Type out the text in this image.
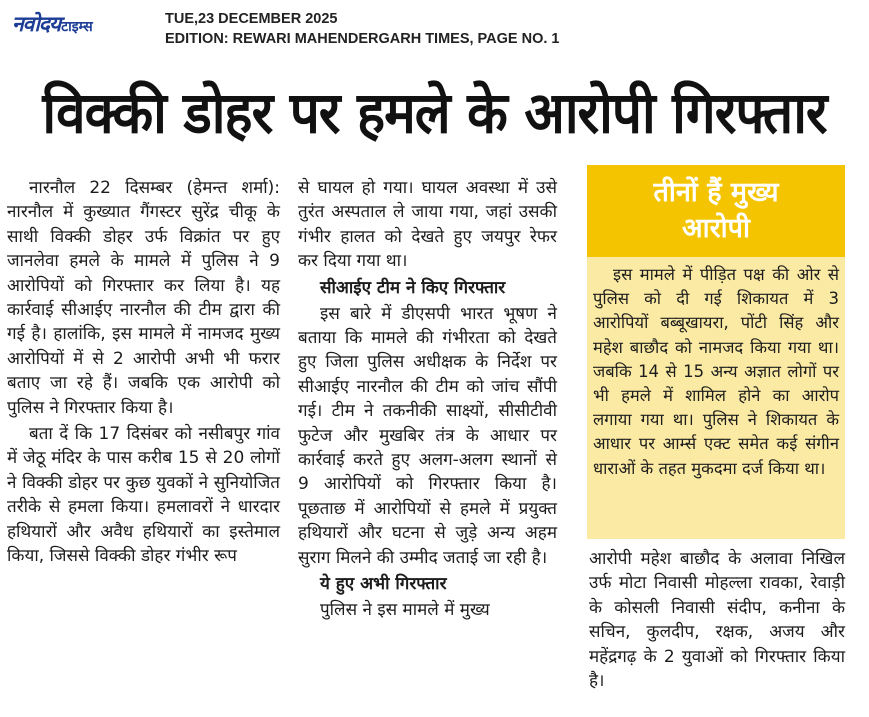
नवोदय टाइम्स	TUE,23 DECEMBER 2025
EDITION: REWARI MAHENDERGARH TIMES, PAGE NO. 1
विक्की डोहर पर हमले के आरोपी गिरफ्तार

नारनौल 22 दिसम्बर (हेमन्त शर्मा): नारनौल में कुख्यात गैंगस्टर सुरेंद्र चीकू के साथी विक्की डोहर उर्फ विक्रांत पर हुए जानलेवा हमले के मामले में पुलिस ने 9 आरोपियों को गिरफ्तार कर लिया है। यह कार्रवाई सीआईए नारनौल की टीम द्वारा की गई है। हालांकि, इस मामले में नामजद मुख्य आरोपियों में से 2 आरोपी अभी भी फरार बताए जा रहे हैं। जबकि एक आरोपी को पुलिस ने गिरफ्तार किया है।

बता दें कि 17 दिसंबर को नसीबपुर गांव में जेठू मंदिर के पास करीब 15 से 20 लोगों ने विक्की डोहर पर कुछ युवकों ने सुनियोजित तरीके से हमला किया। हमलावरों ने धारदार हथियारों और अवैध हथियारों का इस्तेमाल किया, जिससे विक्की डोहर गंभीर रूप

से घायल हो गया। घायल अवस्था में उसे तुरंत अस्पताल ले जाया गया, जहां उसकी गंभीर हालत को देखते हुए जयपुर रेफर कर दिया गया था।

सीआईए टीम ने किए गिरफ्तार

इस बारे में डीएसपी भारत भूषण ने बताया कि मामले की गंभीरता को देखते हुए जिला पुलिस अधीक्षक के निर्देश पर सीआईए नारनौल की टीम को जांच सौंपी गई। टीम ने तकनीकी साक्ष्यों, सीसीटीवी फुटेज और मुखबिर तंत्र के आधार पर कार्रवाई करते हुए अलग-अलग स्थानों से 9 आरोपियों को गिरफ्तार किया है। पूछताछ में आरोपियों से हमले में प्रयुक्त हथियारों और घटना से जुड़े अन्य अहम सुराग मिलने की उम्मीद जताई जा रही है।

ये हुए अभी गिरफ्तार

पुलिस ने इस मामले में मुख्य

तीनों हैं मुख्य
आरोपी

इस मामले में पीड़ित पक्ष की ओर से पुलिस को दी गई शिकायत में 3 आरोपियों बब्बूखायरा, पोंटी सिंह और महेश बाछौद को नामजद किया गया था। जबकि 14 से 15 अन्य अज्ञात लोगों पर भी हमले में शामिल होने का आरोप लगाया गया था। पुलिस ने शिकायत के आधार पर आर्म्स एक्ट समेत कई संगीन धाराओं के तहत मुकदमा दर्ज किया था।

आरोपी महेश बाछौद के अलावा निखिल उर्फ मोटा निवासी मोहल्ला रावका, रेवाड़ी के कोसली निवासी संदीप, कनीना के सचिन, कुलदीप, रक्षक, अजय और महेंद्रगढ़ के 2 युवाओं को गिरफ्तार किया है।
